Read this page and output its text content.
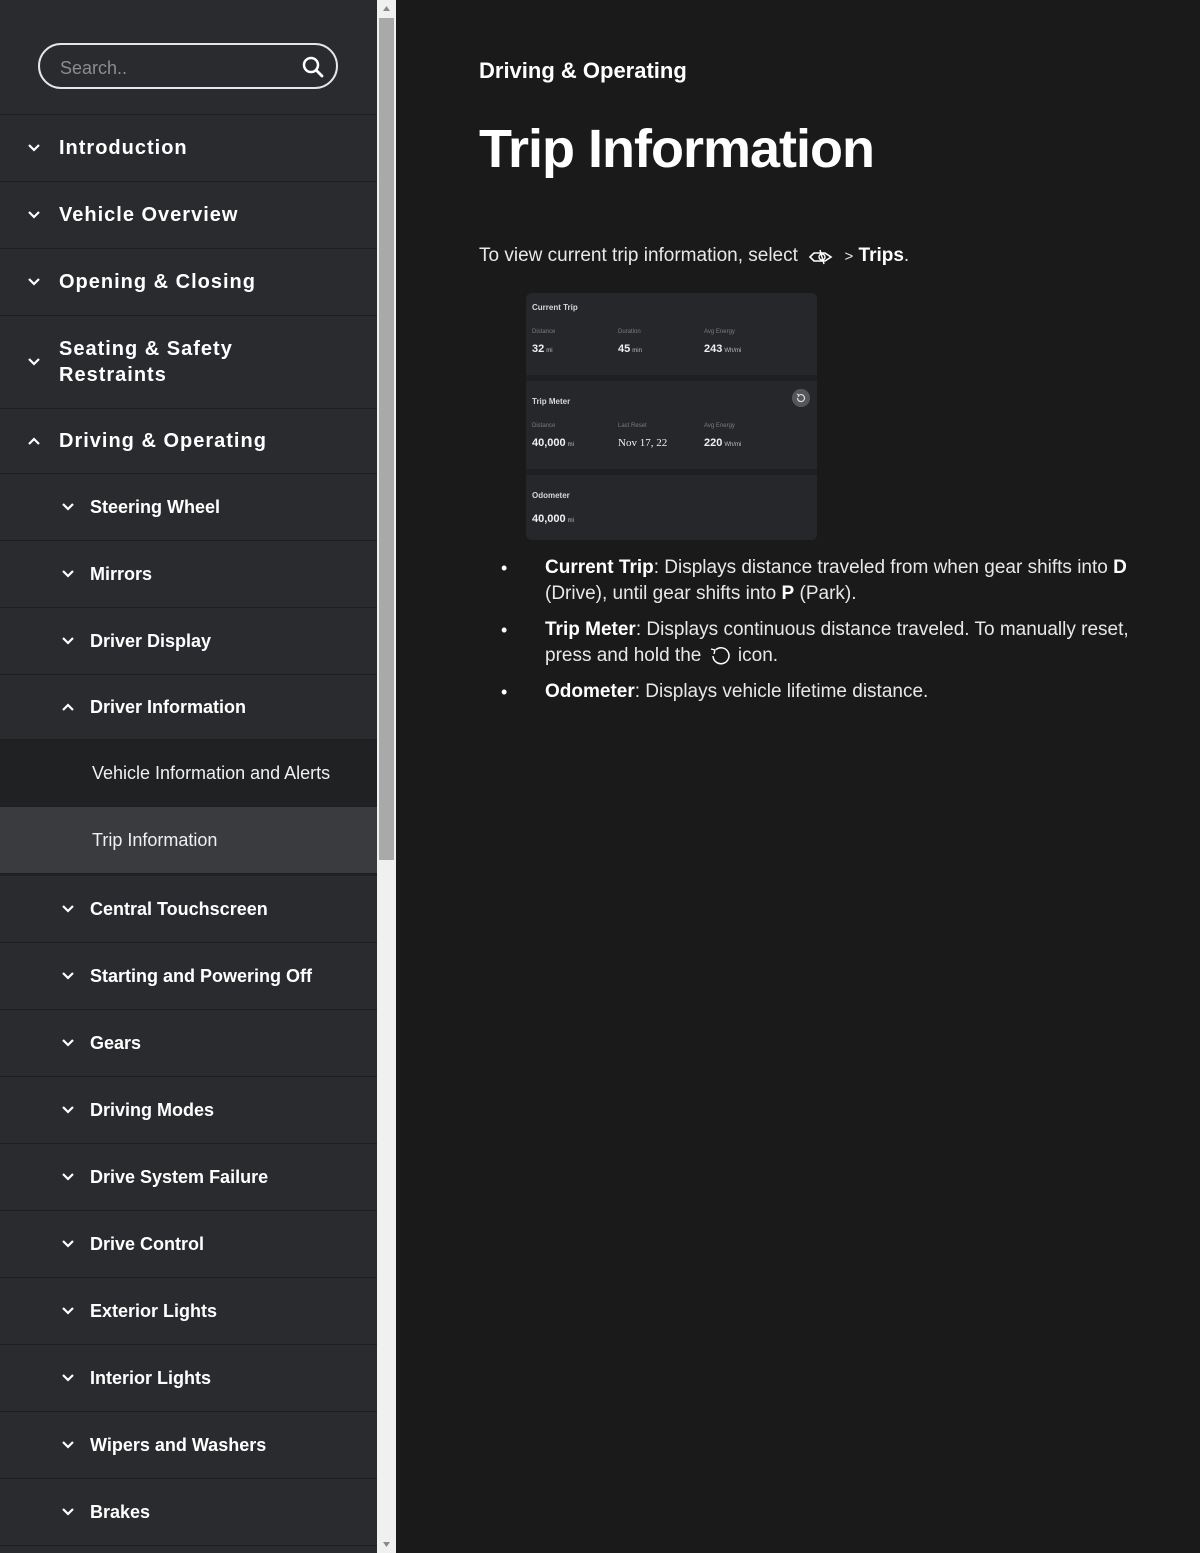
Search..
Introduction
Vehicle Overview
Opening & Closing
Seating & Safety Restraints
Driving & Operating
Steering Wheel
Mirrors
Driver Display
Driver Information
Vehicle Information and Alerts
Trip Information
Central Touchscreen
Starting and Powering Off
Gears
Driving Modes
Drive System Failure
Drive Control
Exterior Lights
Interior Lights
Wipers and Washers
Brakes
Driving & Operating
Trip Information
To view current trip information, select	> Trips.
Current Trip
Distance	Duration	Avg Energy
32 mi	45 min	243 Wh/mi
Trip Meter
Distance	Last Reset	Avg Energy
40,000 mi	Nov 17, 22	220 Wh/mi
Odometer
40,000 mi
• Current Trip: Displays distance traveled from when gear shifts into D (Drive), until gear shifts into P (Park).
• Trip Meter: Displays continuous distance traveled. To manually reset, press and hold the  icon.
• Odometer: Displays vehicle lifetime distance.
